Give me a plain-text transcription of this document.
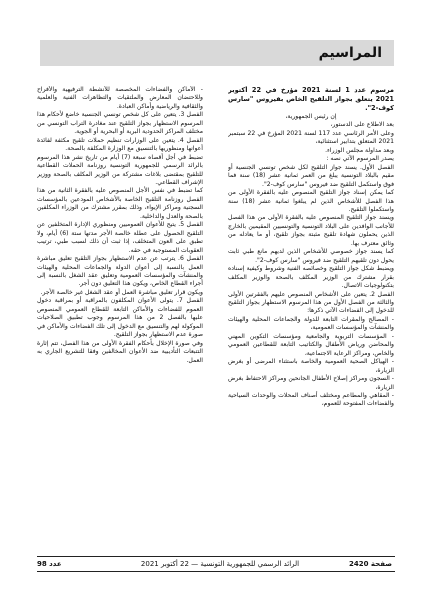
المراسيم

مرسوم عدد 1 لسنة 2021 مؤرخ في 22 أكتوبر 2021 يتعلق بجواز التلقيح الخاص بفيروس "سارس كوف-2".

إن رئيس الجمهورية،

بعد الاطلاع على الدستور،

وعلى الأمر الرئاسي عدد 117 لسنة 2021 المؤرخ في 22 سبتمبر 2021 المتعلق بتدابير استثنائية،

وبعد مداولة مجلس الوزراء.

يصدر المرسوم الآتي نصه :

الفصل الأول. يسند جواز التلقيح لكل شخص تونسي الجنسية أو مقيم بالبلاد التونسية يبلغ من العمر ثمانية عشر (18) سنة فما فوق واستكمل التلقيح ضد فيروس "سارس كوف-2".

كما يمكن إسناد جواز التلقيح المنصوص عليه بالفقرة الأولى من هذا الفصل للأشخاص الذين لم يبلغوا ثمانية عشر (18) سنة واستكملوا التلقيح.

ويسند جواز التلقيح المنصوص عليه بالفقرة الأولى من هذا الفصل للأجانب الوافدين على البلاد التونسية والتونسيين المقيمين بالخارج الذين يحملون شهادة تلقيح مثبتة بجواز تلقيح، أو ما يعادله من وثائق معترف بها.

كما يسند جواز خصوصي للأشخاص الذين لديهم مانع طبي ثابت يحول دون تلقيهم التلقيح ضد فيروس "سارس كوف-2".

ويضبط شكل جواز التلقيح وخصائصه الفنية وشروط وكيفية إسناده بقرار مشترك من الوزير المكلف بالصحة والوزير المكلف بتكنولوجيات الاتصال.

الفصل 2. يتعين على الأشخاص المنصوص عليهم بالفقرتين الأولى والثالثة من الفصل الأول من هذا المرسوم الاستظهار بجواز التلقيح للدخول إلى الفضاءات الآتي ذكرها:

- المصالح والمقرات التابعة للدولة والجماعات المحلية والهيئات والمنشآت والمؤسسات العمومية،

- المؤسسات التربوية والجامعية ومؤسسات التكوين المهني والمحاضن ورياض الأطفال والكتاتيب التابعة للقطاعين العمومي والخاص، ومراكز الرعاية الاجتماعية،

- الهياكل الصحية العمومية والخاصة باستثناء المرضى أو بغرض الزيارة،

- السجون ومراكز إصلاح الأطفال الجانحين ومراكز الاحتفاظ بغرض الزيارة،

- المقاهي والمطاعم ومختلف أصناف المحلات والوحدات السياحية والفضاءات المفتوحة للعموم،

- الأماكن والفضاءات المخصصة للأنشطة الترفيهية والأفراح وللاحتضان المعارض والملتقيات والتظاهرات الفنية والعلمية والثقافية والرياضية وأماكن العبادة.

الفصل 3. يتعين على كل شخص تونسي الجنسية خاضع لأحكام هذا المرسوم الاستظهار بجواز التلقيح عند مغادرة التراب التونسي من مختلف المراكز الحدودية البرية أو البحرية أو الجوية.

الفصل 4. يتعين على الوزارات تنظيم حملات تلقيح مكثفة لفائدة أعوانها ومنظوريها بالتنسيق مع الوزارة المكلفة بالصحة.

تضبط في أجل أقصاه سبعة (7) أيام من تاريخ نشر هذا المرسوم بالرائد الرسمي للجمهورية التونسية روزنامة الحملات القطاعية للتلقيح بمقتضى بلاغات مشتركة من الوزير المكلف بالصحة ووزير الإشراف القطاعي.

كما تضبط في نفس الأجل المنصوص عليه بالفقرة الثانية من هذا الفصل روزنامة التلقيح الخاصة بالأشخاص المودعين بالمؤسسات السجنية ومراكز الإيواء، وذلك بمقرر مشترك من الوزراء المكلفين بالصحة والعدل والداخلية.

الفصل 5. يتيح للأعوان العموميين ومنظوري الإدارة المتخلفين عن التلقيح الحصول على عطلة خالصة الأجر مدتها ستة (6) أيام، ولا تطبق على العون المتخلف، إذا ثبت أن ذلك لسبب طبي، ترتيب العقوبات المستوجبة في حقه.

الفصل 6. يترتب عن عدم الاستظهار بجواز التلقيح تعليق مباشرة العمل بالنسبة إلى أعوان الدولة والجماعات المحلية والهيئات والمنشآت والمؤسسات العمومية وتعليق عقد الشغل بالنسبة إلى أجراء القطاع الخاص، ويكون هذا التعليق دون أجر.

ويكون قرار تعليق مباشرة العمل أو عقد الشغل غير خالصة الأجر.

الفصل 7. يتولى الأعوان المكلفون بالمراقبة أو بمراقبة دخول العموم للفضاءات والأماكن التابعة للقطاع العمومي المنصوص عليها بالفصل 2 من هذا المرسوم وجوب تطبيق الصلاحيات الموكولة لهم والتنسيق مع الدخول إلى تلك الفضاءات والأماكن في صورة عدم الاستظهار بجواز التلقيح.

وفي صورة الإخلال بأحكام الفقرة الأولى من هذا الفصل، تتم إثارة التتبعات التأديبية ضد الأعوان المخالفين وفقا للتشريع الجاري به العمل.

صفحة 2420
الرائد الرسمي للجمهورية التونسية — 22 أكتوبر 2021
عدد 98
